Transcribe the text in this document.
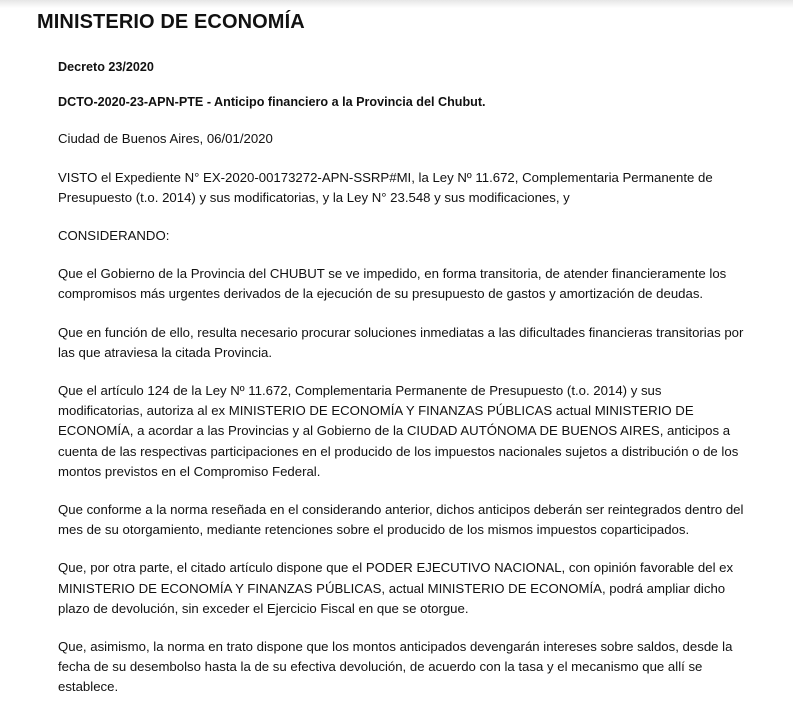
MINISTERIO DE ECONOMÍA

Decreto 23/2020

DCTO-2020-23-APN-PTE - Anticipo financiero a la Provincia del Chubut.

Ciudad de Buenos Aires, 06/01/2020

VISTO el Expediente N° EX-2020-00173272-APN-SSRP#MI, la Ley Nº 11.672, Complementaria Permanente de Presupuesto (t.o. 2014) y sus modificatorias, y la Ley N° 23.548 y sus modificaciones, y

CONSIDERANDO:

Que el Gobierno de la Provincia del CHUBUT se ve impedido, en forma transitoria, de atender financieramente los compromisos más urgentes derivados de la ejecución de su presupuesto de gastos y amortización de deudas.

Que en función de ello, resulta necesario procurar soluciones inmediatas a las dificultades financieras transitorias por las que atraviesa la citada Provincia.

Que el artículo 124 de la Ley Nº 11.672, Complementaria Permanente de Presupuesto (t.o. 2014) y sus modificatorias, autoriza al ex MINISTERIO DE ECONOMÍA Y FINANZAS PÚBLICAS actual MINISTERIO DE ECONOMÍA, a acordar a las Provincias y al Gobierno de la CIUDAD AUTÓNOMA DE BUENOS AIRES, anticipos a cuenta de las respectivas participaciones en el producido de los impuestos nacionales sujetos a distribución o de los montos previstos en el Compromiso Federal.

Que conforme a la norma reseñada en el considerando anterior, dichos anticipos deberán ser reintegrados dentro del mes de su otorgamiento, mediante retenciones sobre el producido de los mismos impuestos coparticipados.

Que, por otra parte, el citado artículo dispone que el PODER EJECUTIVO NACIONAL, con opinión favorable del ex MINISTERIO DE ECONOMÍA Y FINANZAS PÚBLICAS, actual MINISTERIO DE ECONOMÍA, podrá ampliar dicho plazo de devolución, sin exceder el Ejercicio Fiscal en que se otorgue.

Que, asimismo, la norma en trato dispone que los montos anticipados devengarán intereses sobre saldos, desde la fecha de su desembolso hasta la de su efectiva devolución, de acuerdo con la tasa y el mecanismo que allí se establece.
